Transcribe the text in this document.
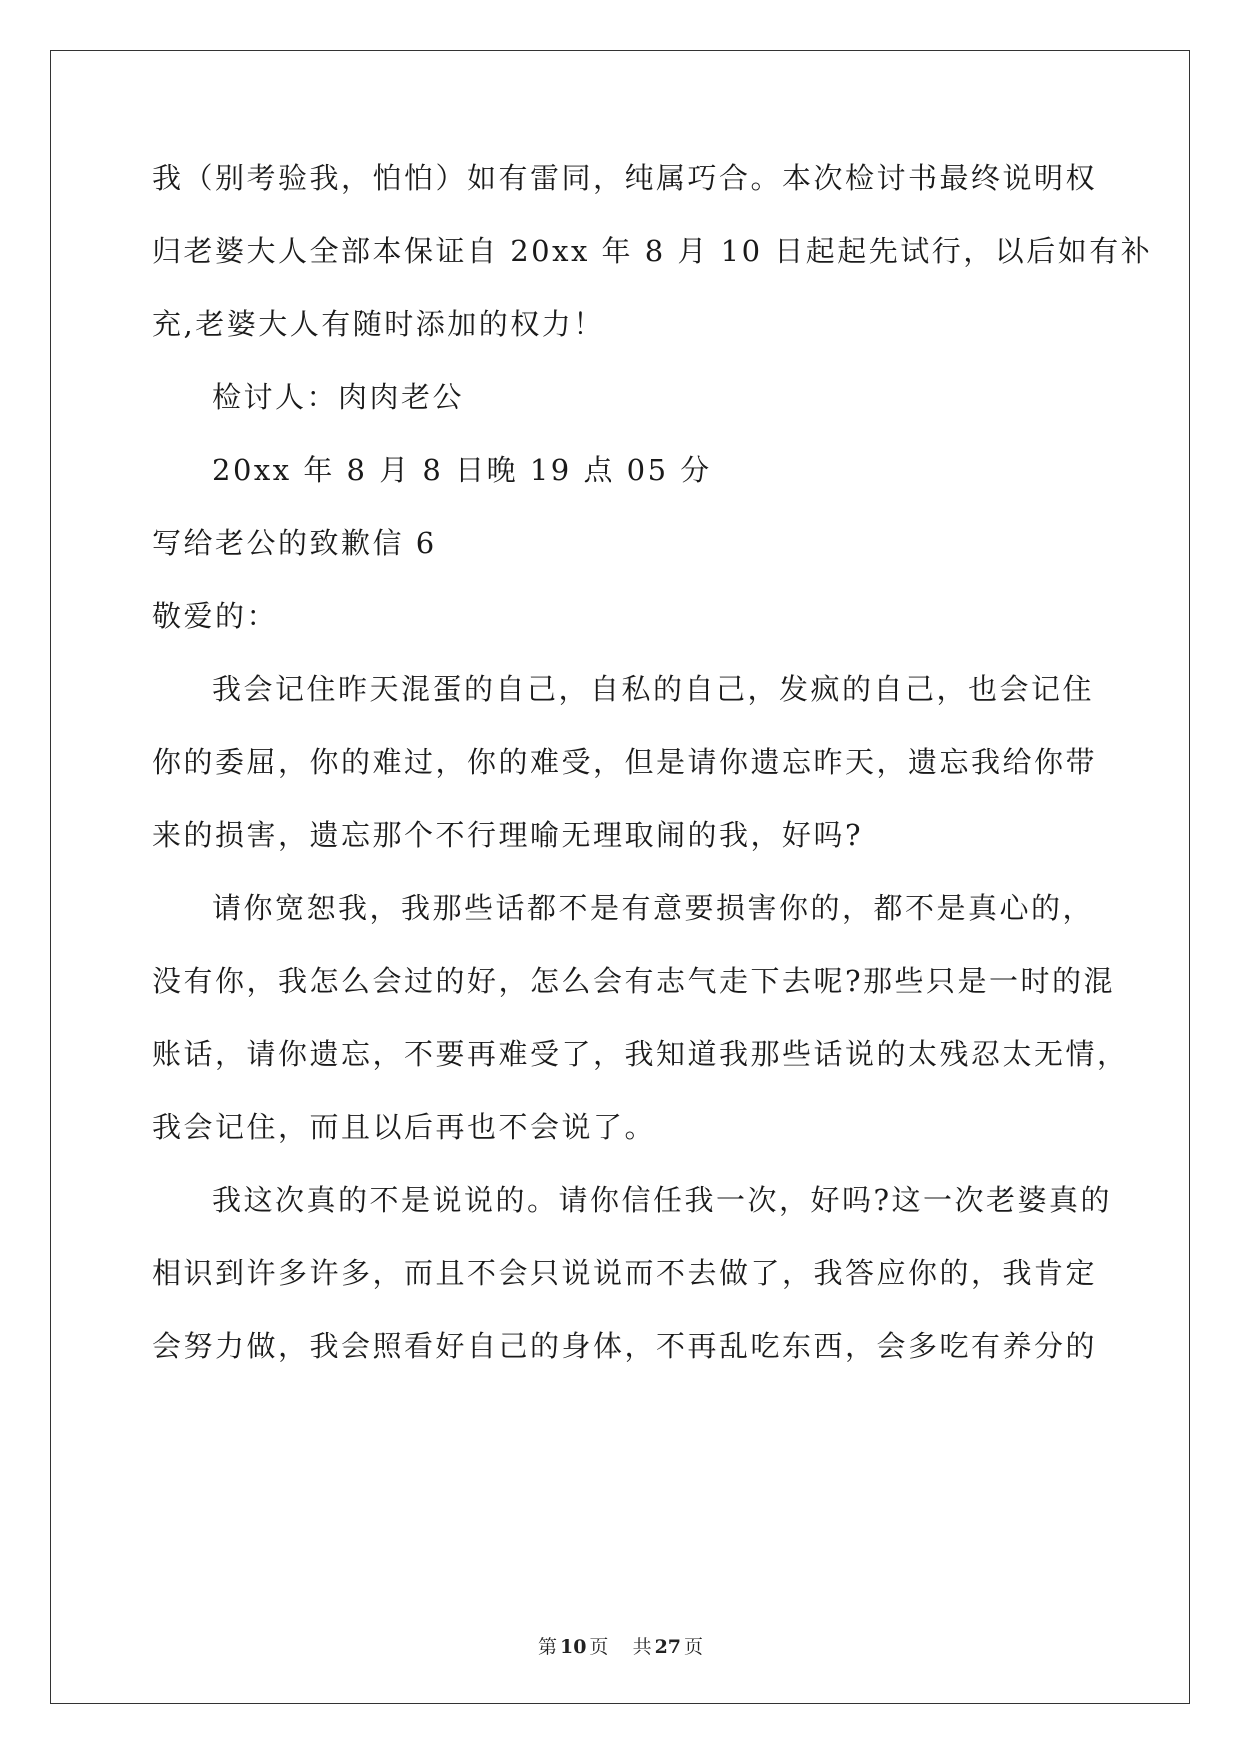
我（别考验我，怕怕）如有雷同，纯属巧合。本次检讨书最终说明权
归老婆大人全部本保证自 20xx 年 8 月 10 日起起先试行，以后如有补
充,老婆大人有随时添加的权力！
检讨人：肉肉老公
20xx 年 8 月 8 日晚 19 点 05 分
写给老公的致歉信 6
敬爱的：
我会记住昨天混蛋的自己，自私的自己，发疯的自己，也会记住
你的委屈，你的难过，你的难受，但是请你遗忘昨天，遗忘我给你带
来的损害，遗忘那个不行理喻无理取闹的我，好吗?
请你宽恕我，我那些话都不是有意要损害你的，都不是真心的，
没有你，我怎么会过的好，怎么会有志气走下去呢?那些只是一时的混
账话，请你遗忘，不要再难受了，我知道我那些话说的太残忍太无情，
我会记住，而且以后再也不会说了。
我这次真的不是说说的。请你信任我一次，好吗?这一次老婆真的
相识到许多许多，而且不会只说说而不去做了，我答应你的，我肯定
会努力做，我会照看好自己的身体，不再乱吃东西，会多吃有养分的
第 10 页 共 27 页
